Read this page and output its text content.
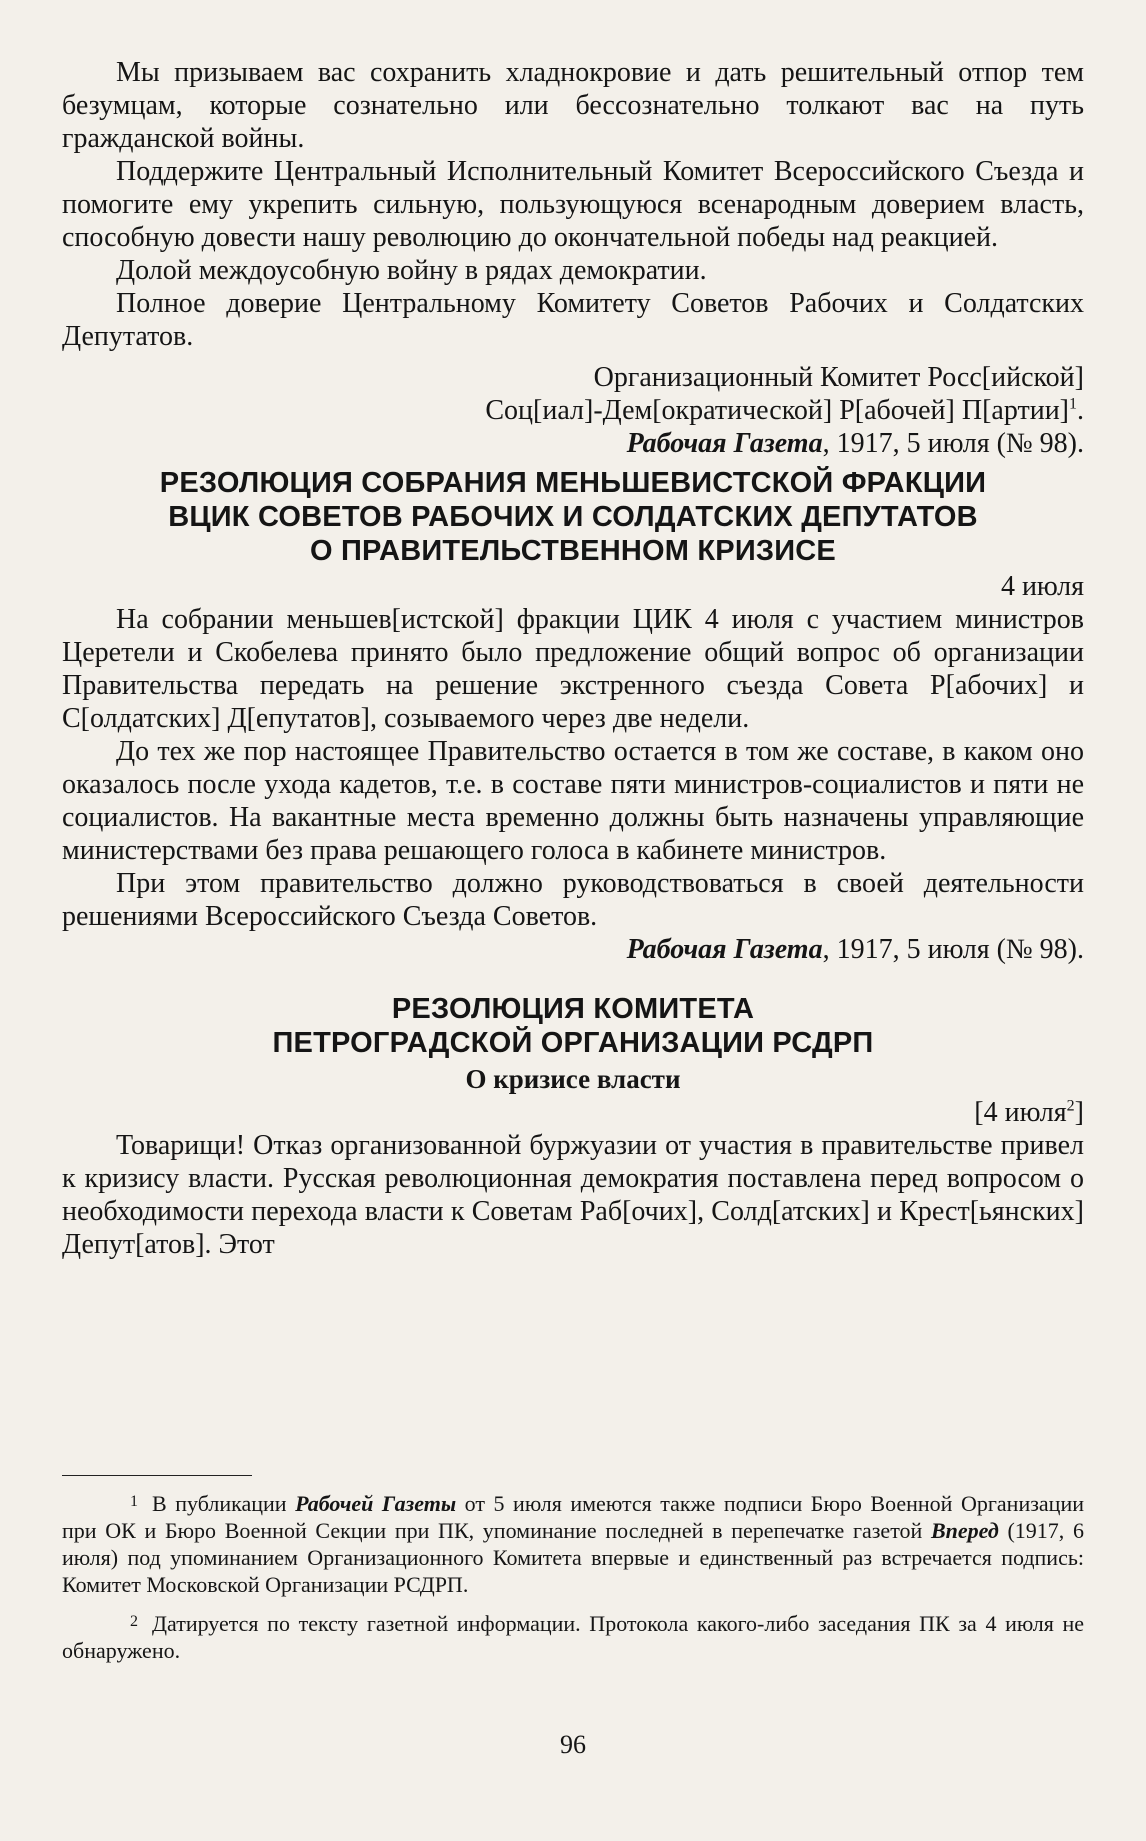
Мы призываем вас сохранить хладнокровие и дать решительный отпор тем безумцам, которые сознательно или бессознательно толкают вас на путь гражданской войны.

Поддержите Центральный Исполнительный Комитет Всероссийского Съезда и помогите ему укрепить сильную, пользующуюся всенародным доверием власть, способную довести нашу революцию до окончательной победы над реакцией.

Долой междоусобную войну в рядах демократии.

Полное доверие Центральному Комитету Советов Рабочих и Солдатских Депутатов.

Организационный Комитет Росс[ийской]

Соц[иал]-Дем[ократической] Р[абочей] П[артии]$^1$.

Рабочая Газета, 1917, 5 июля (№ 98).

РЕЗОЛЮЦИЯ СОБРАНИЯ МЕНЬШЕВИСТСКОЙ ФРАКЦИИ

ВЦИК СОВЕТОВ РАБОЧИХ И СОЛДАТСКИХ ДЕПУТАТОВ

О ПРАВИТЕЛЬСТВЕННОМ КРИЗИСЕ

4 июля

На собрании меньшев[истской] фракции ЦИК 4 июля с участием министров Церетели и Скобелева принято было предложение общий вопрос об организации Правительства передать на решение экстренного съезда Совета Р[абочих] и С[олдатских] Д[епутатов], созываемого через две недели.

До тех же пор настоящее Правительство остается в том же составе, в каком оно оказалось после ухода кадетов, т.е. в составе пяти министров-социалистов и пяти не социалистов. На вакантные места временно должны быть назначены управляющие министерствами без права решающего голоса в кабинете министров.

При этом правительство должно руководствоваться в своей деятельности решениями Всероссийского Съезда Советов.

Рабочая Газета, 1917, 5 июля (№ 98).

РЕЗОЛЮЦИЯ КОМИТЕТА

ПЕТРОГРАДСКОЙ ОРГАНИЗАЦИИ РСДРП

О кризисе власти

[4 июля$^2$]

Товарищи! Отказ организованной буржуазии от участия в правительстве привел к кризису власти. Русская революционная демократия поставлена перед вопросом о необходимости перехода власти к Советам Раб[очих], Солд[атских] и Крест[ьянских] Депут[атов]. Этот

1 В публикации Рабочей Газеты от 5 июля имеются также подписи Бюро Военной Организации при ОК и Бюро Военной Секции при ПК, упоминание последней в перепечатке газетой Вперед (1917, 6 июля) под упоминанием Организационного Комитета впервые и единственный раз встречается подпись: Комитет Московской Организации РСДРП.

2 Датируется по тексту газетной информации. Протокола какого-либо заседания ПК за 4 июля не обнаружено.

96
